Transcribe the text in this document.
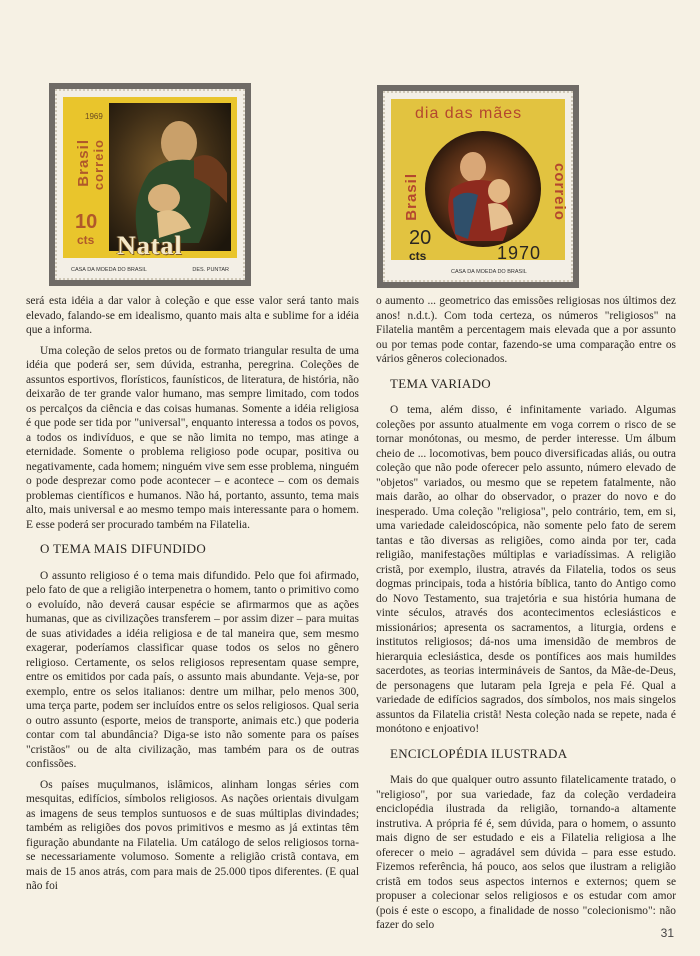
1969
Brasil correio
10
cts Natal
CASA DA MOEDA DO BRASIL	DES. PUNTAR
dia das mães
Brasil	correio
20
cts	1970
CASA DA MOEDA DO BRASIL

será esta idéia a dar valor à coleção e que esse valor será tanto mais elevado, falando-se em idealismo, quanto mais alta e sublime for a idéia que a informa.

Uma coleção de selos pretos ou de formato triangular resulta de uma idéia que poderá ser, sem dúvida, estranha, peregrina. Coleções de assuntos esportivos, florísticos, faunísticos, de literatura, de história, não deixarão de ter grande valor humano, mas sempre limitado, com todos os percalços da ciência e das coisas humanas. Somente a idéia religiosa é que pode ser tida por "universal", enquanto interessa a todos os povos, a todos os indivíduos, e que se não limita no tempo, mas atinge a eternidade. Somente o problema religioso pode ocupar, positiva ou negativamente, cada homem; ninguém vive sem esse problema, ninguém o pode desprezar como pode acontecer – e acontece – com os demais problemas científicos e humanos. Não há, portanto, assunto, tema mais alto, mais universal e ao mesmo tempo mais interessante para o homem. E esse poderá ser procurado também na Filatelia.

O TEMA MAIS DIFUNDIDO

O assunto religioso é o tema mais difundido. Pelo que foi afirmado, pelo fato de que a religião interpenetra o homem, tanto o primitivo como o evoluído, não deverá causar espécie se afirmarmos que as ações humanas, que as civilizações transferem – por assim dizer – para muitas de suas atividades a idéia religiosa e de tal maneira que, sem mesmo exagerar, poderíamos classificar quase todos os selos no gênero religioso. Certamente, os selos religiosos representam quase sempre, entre os emitidos por cada país, o assunto mais abundante. Veja-se, por exemplo, entre os selos italianos: dentre um milhar, pelo menos 300, uma terça parte, podem ser incluídos entre os selos religiosos. Qual seria o outro assunto (esporte, meios de transporte, animais etc.) que poderia contar com tal abundância? Diga-se isto não somente para os países "cristãos" ou de alta civilização, mas também para os de outras confissões.

Os países muçulmanos, islâmicos, alinham longas séries com mesquitas, edifícios, símbolos religiosos. As nações orientais divulgam as imagens de seus templos suntuosos e de suas múltiplas divindades; também as religiões dos povos primitivos e mesmo as já extintas têm figuração abundante na Filatelia. Um catálogo de selos religiosos torna-se necessariamente volumoso. Somente a religião cristã contava, em mais de 15 anos atrás, com para mais de 25.000 tipos diferentes. (E qual não foi

o aumento ... geometrico das emissões religiosas nos últimos dez anos! n.d.t.). Com toda certeza, os números "religiosos" na Filatelia mantêm a percentagem mais elevada que a por assunto ou por temas pode contar, fazendo-se uma comparação entre os vários gêneros colecionados.

TEMA VARIADO

O tema, além disso, é infinitamente variado. Algumas coleções por assunto atualmente em voga correm o risco de se tornar monótonas, ou mesmo, de perder interesse. Um álbum cheio de ... locomotivas, bem pouco diversificadas aliás, ou outra coleção que não pode oferecer pelo assunto, número elevado de "objetos" variados, ou mesmo que se repetem fatalmente, não mais darão, ao olhar do observador, o prazer do novo e do inesperado. Uma coleção "religiosa", pelo contrário, tem, em si, uma variedade caleidoscópica, não somente pelo fato de serem tantas e tão diversas as religiões, como ainda por ter, cada religião, manifestações múltiplas e variadíssimas. A religião cristã, por exemplo, ilustra, através da Filatelia, todos os seus dogmas principais, toda a história bíblica, tanto do Antigo como do Novo Testamento, sua trajetória e sua história humana de vinte séculos, através dos acontecimentos eclesiásticos e missionários; apresenta os sacramentos, a liturgia, ordens e institutos religiosos; dá-nos uma imensidão de membros de hierarquia eclesiástica, desde os pontífices aos mais humildes sacerdotes, as teorias intermináveis de Santos, da Mãe-de-Deus, de personagens que lutaram pela Igreja e pela Fé. Qual a variedade de edifícios sagrados, dos símbolos, nos mais singelos assuntos da Filatelia cristã! Nesta coleção nada se repete, nada é monótono e enjoativo!

ENCICLOPÉDIA ILUSTRADA

Mais do que qualquer outro assunto filatelicamente tratado, o "religioso", por sua variedade, faz da coleção verdadeira enciclopédia ilustrada da religião, tornando-a altamente instrutiva. A própria fé é, sem dúvida, para o homem, o assunto mais digno de ser estudado e eis a Filatelia religiosa a lhe oferecer o meio – agradável sem dúvida – para esse estudo. Fizemos referência, há pouco, aos selos que ilustram a religião cristã em todos seus aspectos internos e externos; quem se propuser a colecionar selos religiosos e os estudar com amor (pois é este o escopo, a finalidade de nosso "colecionismo": não fazer do selo

31
